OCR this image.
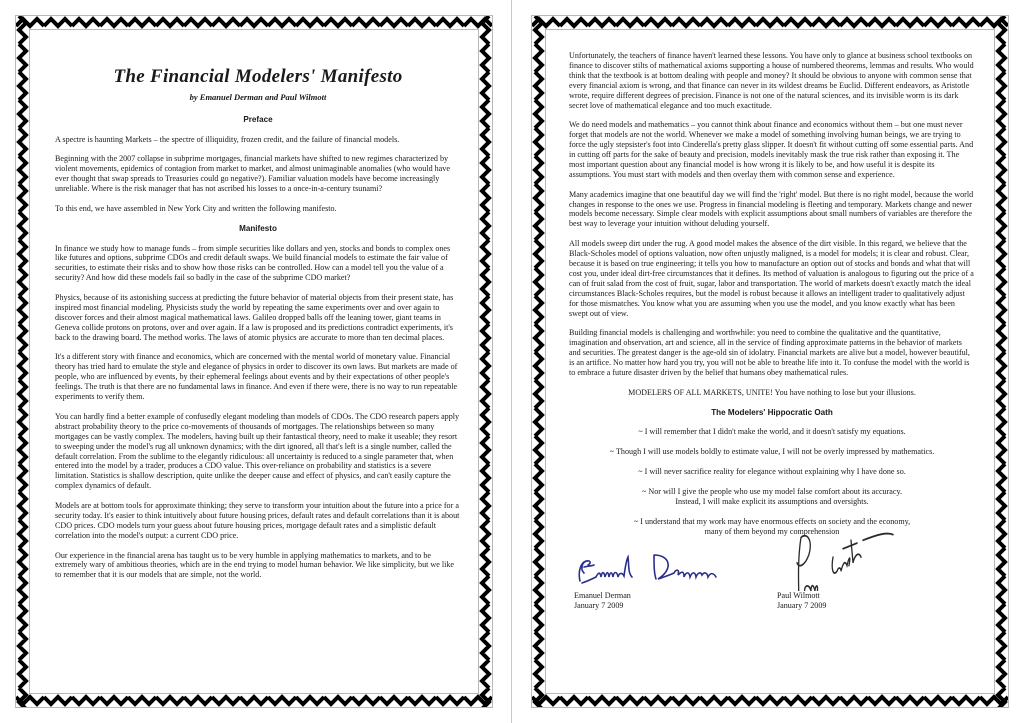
The Financial Modelers' Manifesto
by Emanuel Derman and Paul Wilmott
Preface

A spectre is haunting Markets – the spectre of illiquidity, frozen credit, and the failure of financial models.

Beginning with the 2007 collapse in subprime mortgages, financial markets have shifted to new regimes characterized by violent movements, epidemics of contagion from market to market, and almost unimaginable anomalies (who would have ever thought that swap spreads to Treasuries could go negative?). Familiar valuation models have become increasingly unreliable. Where is the risk manager that has not ascribed his losses to a once-in-a-century tsunami?

To this end, we have assembled in New York City and written the following manifesto.

Manifesto

In finance we study how to manage funds – from simple securities like dollars and yen, stocks and bonds to complex ones like futures and options, subprime CDOs and credit default swaps. We build financial models to estimate the fair value of securities, to estimate their risks and to show how those risks can be controlled. How can a model tell you the value of a security? And how did these models fail so badly in the case of the subprime CDO market?

Physics, because of its astonishing success at predicting the future behavior of material objects from their present state, has inspired most financial modeling. Physicists study the world by repeating the same experiments over and over again to discover forces and their almost magical mathematical laws. Galileo dropped balls off the leaning tower, giant teams in Geneva collide protons on protons, over and over again. If a law is proposed and its predictions contradict experiments, it's back to the drawing board. The method works. The laws of atomic physics are accurate to more than ten decimal places.

It's a different story with finance and economics, which are concerned with the mental world of monetary value. Financial theory has tried hard to emulate the style and elegance of physics in order to discover its own laws. But markets are made of people, who are influenced by events, by their ephemeral feelings about events and by their expectations of other people's feelings. The truth is that there are no fundamental laws in finance. And even if there were, there is no way to run repeatable experiments to verify them.

You can hardly find a better example of confusedly elegant modeling than models of CDOs. The CDO research papers apply abstract probability theory to the price co-movements of thousands of mortgages. The relationships between so many mortgages can be vastly complex. The modelers, having built up their fantastical theory, need to make it useable; they resort to sweeping under the model's rug all unknown dynamics; with the dirt ignored, all that's left is a single number, called the default correlation. From the sublime to the elegantly ridiculous: all uncertainty is reduced to a single parameter that, when entered into the model by a trader, produces a CDO value. This over-reliance on probability and statistics is a severe limitation. Statistics is shallow description, quite unlike the deeper cause and effect of physics, and can't easily capture the complex dynamics of default.

Models are at bottom tools for approximate thinking; they serve to transform your intuition about the future into a price for a security today. It's easier to think intuitively about future housing prices, default rates and default correlations than it is about CDO prices. CDO models turn your guess about future housing prices, mortgage default rates and a simplistic default correlation into the model's output: a current CDO price.

Our experience in the financial arena has taught us to be very humble in applying mathematics to markets, and to be extremely wary of ambitious theories, which are in the end trying to model human behavior. We like simplicity, but we like to remember that it is our models that are simple, not the world.

Unfortunately, the teachers of finance haven't learned these lessons. You have only to glance at business school textbooks on finance to discover stilts of mathematical axioms supporting a house of numbered theorems, lemmas and results. Who would think that the textbook is at bottom dealing with people and money? It should be obvious to anyone with common sense that every financial axiom is wrong, and that finance can never in its wildest dreams be Euclid. Different endeavors, as Aristotle wrote, require different degrees of precision. Finance is not one of the natural sciences, and its invisible worm is its dark secret love of mathematical elegance and too much exactitude.

We do need models and mathematics – you cannot think about finance and economics without them – but one must never forget that models are not the world. Whenever we make a model of something involving human beings, we are trying to force the ugly stepsister's foot into Cinderella's pretty glass slipper. It doesn't fit without cutting off some essential parts. And in cutting off parts for the sake of beauty and precision, models inevitably mask the true risk rather than exposing it. The most important question about any financial model is how wrong it is likely to be, and how useful it is despite its assumptions. You must start with models and then overlay them with common sense and experience.

Many academics imagine that one beautiful day we will find the 'right' model. But there is no right model, because the world changes in response to the ones we use. Progress in financial modeling is fleeting and temporary. Markets change and newer models become necessary. Simple clear models with explicit assumptions about small numbers of variables are therefore the best way to leverage your intuition without deluding yourself.

All models sweep dirt under the rug. A good model makes the absence of the dirt visible. In this regard, we believe that the Black-Scholes model of options valuation, now often unjustly maligned, is a model for models; it is clear and robust. Clear, because it is based on true engineering; it tells you how to manufacture an option out of stocks and bonds and what that will cost you, under ideal dirt-free circumstances that it defines. Its method of valuation is analogous to figuring out the price of a can of fruit salad from the cost of fruit, sugar, labor and transportation. The world of markets doesn't exactly match the ideal circumstances Black-Scholes requires, but the model is robust because it allows an intelligent trader to qualitatively adjust for those mismatches. You know what you are assuming when you use the model, and you know exactly what has been swept out of view.

Building financial models is challenging and worthwhile: you need to combine the qualitative and the quantitative, imagination and observation, art and science, all in the service of finding approximate patterns in the behavior of markets and securities. The greatest danger is the age-old sin of idolatry. Financial markets are alive but a model, however beautiful, is an artifice. No matter how hard you try, you will not be able to breathe life into it. To confuse the model with the world is to embrace a future disaster driven by the belief that humans obey mathematical rules.

MODELERS OF ALL MARKETS, UNITE! You have nothing to lose but your illusions.

The Modelers' Hippocratic Oath

~ I will remember that I didn't make the world, and it doesn't satisfy my equations.

~ Though I will use models boldly to estimate value, I will not be overly impressed by mathematics.

~ I will never sacrifice reality for elegance without explaining why I have done so.

~ Nor will I give the people who use my model false comfort about its accuracy.
Instead, I will make explicit its assumptions and oversights.

~ I understand that my work may have enormous effects on society and the economy,
many of them beyond my comprehension

Emanuel Derman
January 7 2009
Paul Wilmott
January 7 2009
